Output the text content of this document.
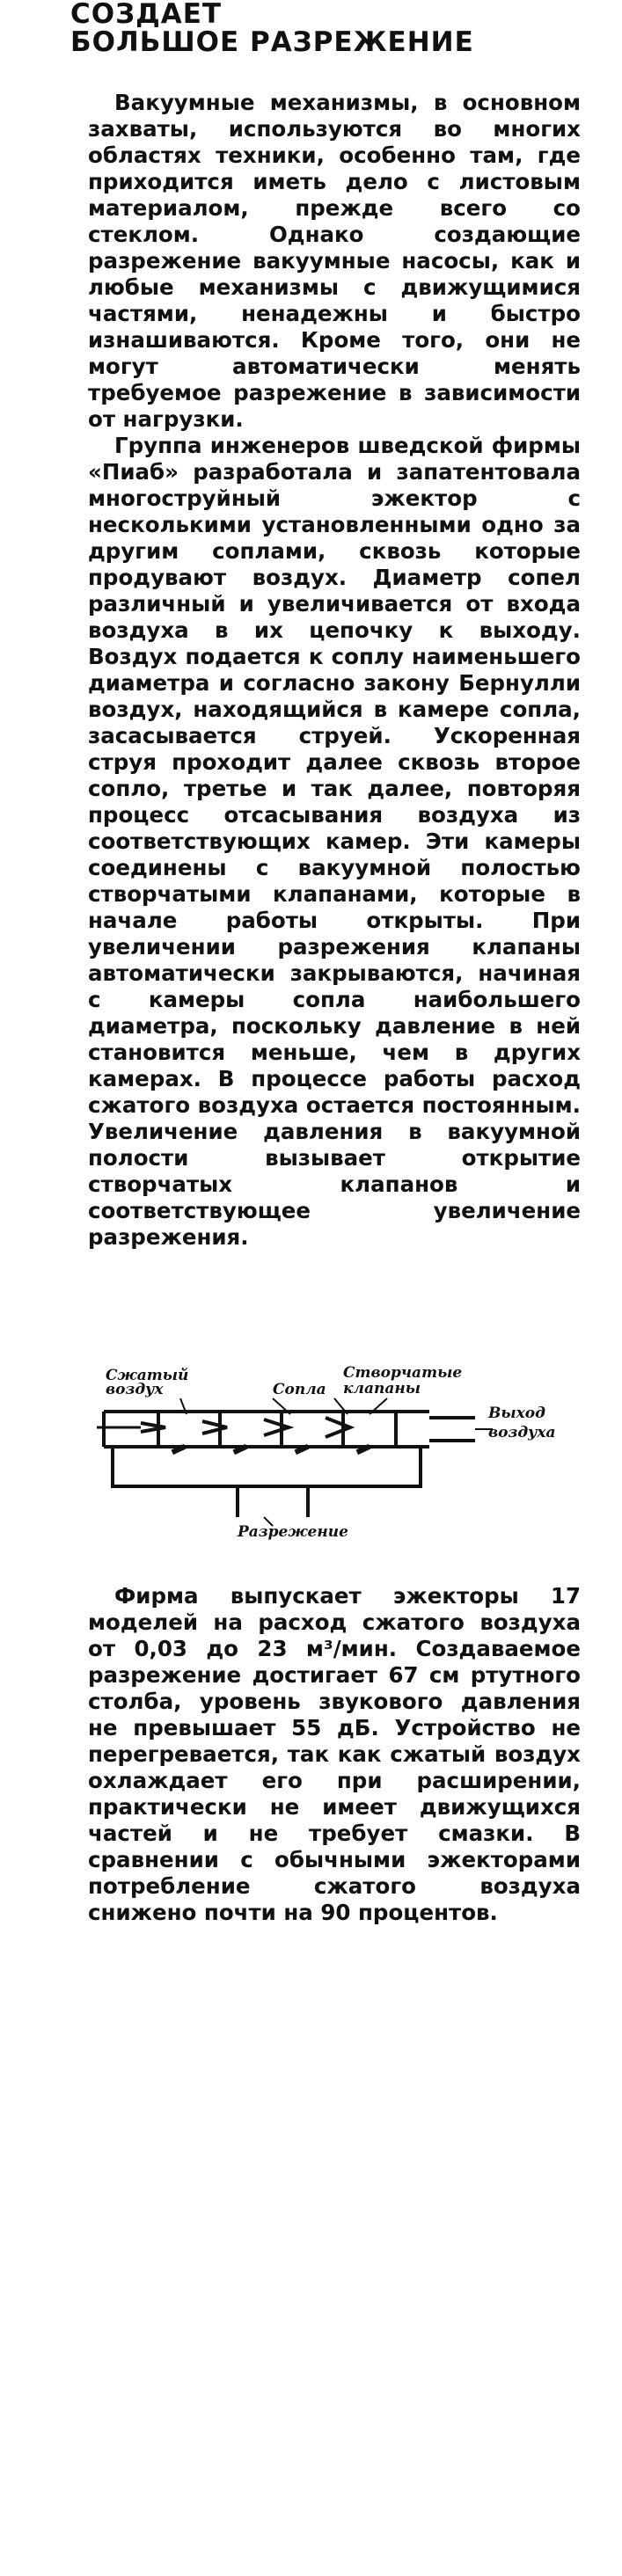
СОЗДАЕТ
БОЛЬШОЕ РАЗРЕЖЕНИЕ

Вакуумные механизмы, в основном захваты, используются во многих областях техники, особенно там, где приходится иметь дело с листовым материалом, прежде всего со стеклом. Однако создающие разрежение вакуумные насосы, как и любые механизмы с движущимися частями, ненадежны и быстро изнашиваются. Кроме того, они не могут автоматически менять требуемое разрежение в зависимости от нагрузки.

Группа инженеров шведской фирмы «Пиаб» разработала и запатентовала многоструйный эжектор с несколькими установленными одно за другим соплами, сквозь которые продувают воздух. Диаметр сопел различный и увеличивается от входа воздуха в их цепочку к выходу. Воздух подается к соплу наименьшего диаметра и согласно закону Бернулли воздух, находящийся в камере сопла, засасывается струей. Ускоренная струя проходит далее сквозь второе сопло, третье и так далее, повторяя процесс отсасывания воздуха из соответствующих камер. Эти камеры соединены с вакуумной полостью створчатыми клапанами, которые в начале работы открыты. При увеличении разрежения клапаны автоматически закрываются, начиная с камеры сопла наибольшего диаметра, поскольку давление в ней становится меньше, чем в других камерах. В процессе работы расход сжатого воздуха остается постоянным. Увеличение давления в вакуумной полости вызывает открытие створчатых клапанов и соответствующее увеличение разрежения.

Сжатый воздух	Сопла
Створчатые клапаны
Выход воздуха
Разрежение

Фирма выпускает эжекторы 17 моделей на расход сжатого воздуха от 0,03 до 23 м³/мин. Создаваемое разрежение достигает 67 см ртутного столба, уровень звукового давления не превышает 55 дБ. Устройство не перегревается, так как сжатый воздух охлаждает его при расширении, практически не имеет движущихся частей и не требует смазки. В сравнении с обычными эжекторами потребление сжатого воздуха снижено почти на 90 процентов.
